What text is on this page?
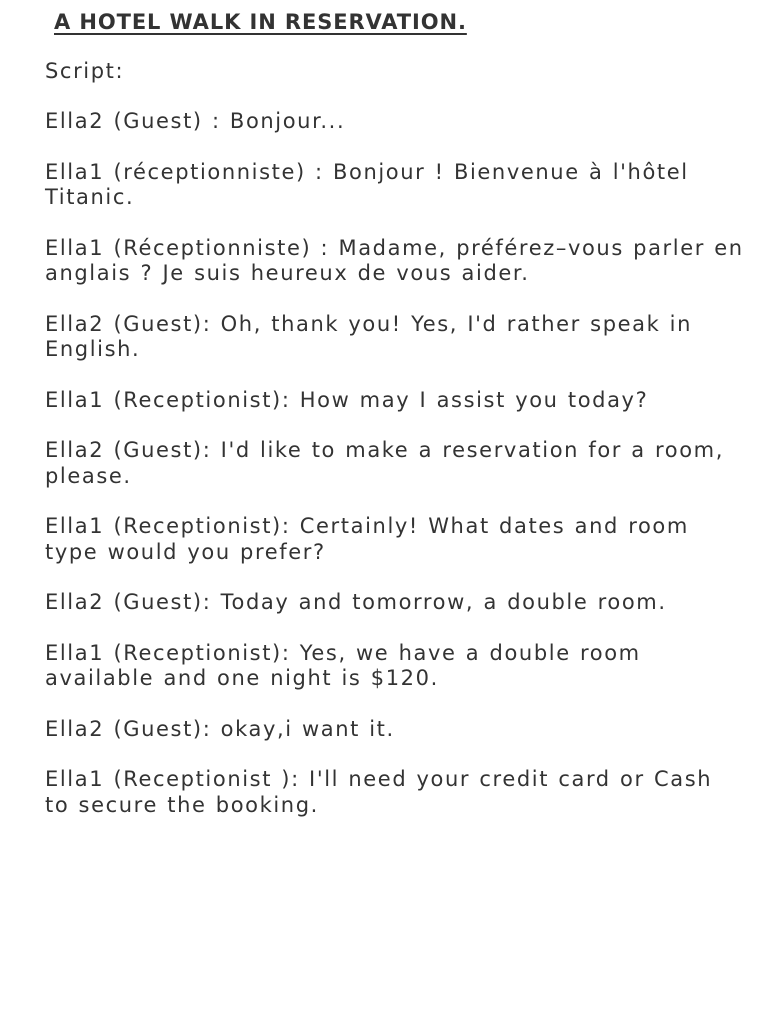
A HOTEL WALK IN RESERVATION.
Script:

Ella2 (Guest) : Bonjour...

Ella1 (réceptionniste) : Bonjour ! Bienvenue à l'hôtel Titanic.

Ella1 (Réceptionniste) : Madame, préférez–vous parler en anglais ? Je suis heureux de vous aider.

Ella2 (Guest): Oh, thank you! Yes, I'd rather speak in English.

Ella1 (Receptionist): How may I assist you today?

Ella2 (Guest): I'd like to make a reservation for a room, please.

Ella1 (Receptionist): Certainly! What dates and room type would you prefer?

Ella2 (Guest): Today and tomorrow, a double room.

Ella1 (Receptionist): Yes, we have a double room available and one night is $120.

Ella2 (Guest): okay,i want it.

Ella1 (Receptionist ): I'll need your credit card or Cash to secure the booking.
